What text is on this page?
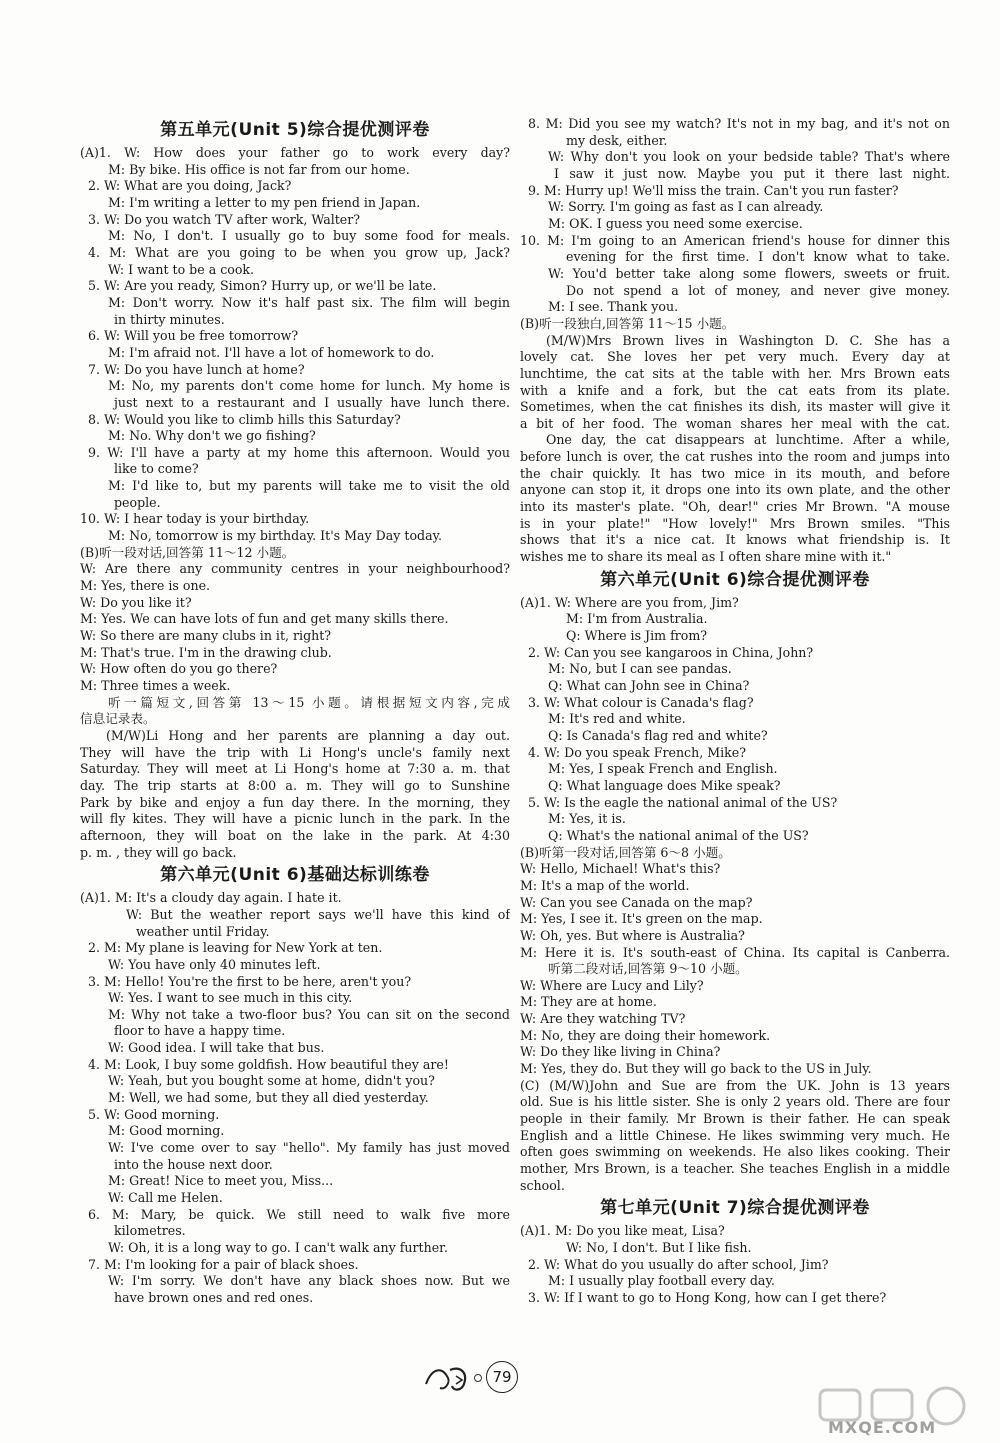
第五单元(Unit 5)综合提优测评卷
(A)1. W: How does your father go to work every day?
M: By bike. His office is not far from our home.
2. W: What are you doing, Jack?
M: I'm writing a letter to my pen friend in Japan.
3. W: Do you watch TV after work, Walter?
M: No, I don't. I usually go to buy some food for meals.
4. M: What are you going to be when you grow up, Jack?
W: I want to be a cook.
5. W: Are you ready, Simon? Hurry up, or we'll be late.
M: Don't worry. Now it's half past six. The film will begin
in thirty minutes.
6. W: Will you be free tomorrow?
M: I'm afraid not. I'll have a lot of homework to do.
7. W: Do you have lunch at home?
M: No, my parents don't come home for lunch. My home is
just next to a restaurant and I usually have lunch there.
8. W: Would you like to climb hills this Saturday?
M: No. Why don't we go fishing?
9. W: I'll have a party at my home this afternoon. Would you
like to come?
M: I'd like to, but my parents will take me to visit the old
people.
10. W: I hear today is your birthday.
M: No, tomorrow is my birthday. It's May Day today.
(B)听一段对话,回答第 11～12 小题。
W: Are there any community centres in your neighbourhood?
M: Yes, there is one.
W: Do you like it?
M: Yes. We can have lots of fun and get many skills there.
W: So there are many clubs in it, right?
M: That's true. I'm in the drawing club.
W: How often do you go there?
M: Three times a week.
听一篇短文,回答第 13～15 小题。请根据短文内容,完成
信息记录表。
(M/W)Li Hong and her parents are planning a day out.
They will have the trip with Li Hong's uncle's family next
Saturday. They will meet at Li Hong's home at 7:30 a. m. that
day. The trip starts at 8:00 a. m. They will go to Sunshine
Park by bike and enjoy a fun day there. In the morning, they
will fly kites. They will have a picnic lunch in the park. In the
afternoon, they will boat on the lake in the park. At 4:30
p. m. , they will go back.
第六单元(Unit 6)基础达标训练卷
(A)1. M: It's a cloudy day again. I hate it.
W: But the weather report says we'll have this kind of
weather until Friday.
2. M: My plane is leaving for New York at ten.
W: You have only 40 minutes left.
3. M: Hello! You're the first to be here, aren't you?
W: Yes. I want to see much in this city.
M: Why not take a two-floor bus? You can sit on the second
floor to have a happy time.
W: Good idea. I will take that bus.
4. M: Look, I buy some goldfish. How beautiful they are!
W: Yeah, but you bought some at home, didn't you?
M: Well, we had some, but they all died yesterday.
5. W: Good morning.
M: Good morning.
W: I've come over to say "hello". My family has just moved
into the house next door.
M: Great! Nice to meet you, Miss...
W: Call me Helen.
6. M: Mary, be quick. We still need to walk five more
kilometres.
W: Oh, it is a long way to go. I can't walk any further.
7. M: I'm looking for a pair of black shoes.
W: I'm sorry. We don't have any black shoes now. But we
have brown ones and red ones.
8. M: Did you see my watch? It's not in my bag, and it's not on
my desk, either.
W: Why don't you look on your bedside table? That's where
I saw it just now. Maybe you put it there last night.
9. M: Hurry up! We'll miss the train. Can't you run faster?
W: Sorry. I'm going as fast as I can already.
M: OK. I guess you need some exercise.
10. M: I'm going to an American friend's house for dinner this
evening for the first time. I don't know what to take.
W: You'd better take along some flowers, sweets or fruit.
Do not spend a lot of money, and never give money.
M: I see. Thank you.
(B)听一段独白,回答第 11～15 小题。
(M/W)Mrs Brown lives in Washington D. C. She has a
lovely cat. She loves her pet very much. Every day at
lunchtime, the cat sits at the table with her. Mrs Brown eats
with a knife and a fork, but the cat eats from its plate.
Sometimes, when the cat finishes its dish, its master will give it
a bit of her food. The woman shares her meal with the cat.
One day, the cat disappears at lunchtime. After a while,
before lunch is over, the cat rushes into the room and jumps into
the chair quickly. It has two mice in its mouth, and before
anyone can stop it, it drops one into its own plate, and the other
into its master's plate. "Oh, dear!" cries Mr Brown. "A mouse
is in your plate!" "How lovely!" Mrs Brown smiles. "This
shows that it's a nice cat. It knows what friendship is. It
wishes me to share its meal as I often share mine with it."
第六单元(Unit 6)综合提优测评卷
(A)1. W: Where are you from, Jim?
M: I'm from Australia.
Q: Where is Jim from?
2. W: Can you see kangaroos in China, John?
M: No, but I can see pandas.
Q: What can John see in China?
3. W: What colour is Canada's flag?
M: It's red and white.
Q: Is Canada's flag red and white?
4. W: Do you speak French, Mike?
M: Yes, I speak French and English.
Q: What language does Mike speak?
5. W: Is the eagle the national animal of the US?
M: Yes, it is.
Q: What's the national animal of the US?
(B)听第一段对话,回答第 6～8 小题。
W: Hello, Michael! What's this?
M: It's a map of the world.
W: Can you see Canada on the map?
M: Yes, I see it. It's green on the map.
W: Oh, yes. But where is Australia?
M: Here it is. It's south-east of China. Its capital is Canberra.
听第二段对话,回答第 9～10 小题。
W: Where are Lucy and Lily?
M: They are at home.
W: Are they watching TV?
M: No, they are doing their homework.
W: Do they like living in China?
M: Yes, they do. But they will go back to the US in July.
(C) (M/W)John and Sue are from the UK. John is 13 years
old. Sue is his little sister. She is only 2 years old. There are four
people in their family. Mr Brown is their father. He can speak
English and a little Chinese. He likes swimming very much. He
often goes swimming on weekends. He also likes cooking. Their
mother, Mrs Brown, is a teacher. She teaches English in a middle
school.
第七单元(Unit 7)综合提优测评卷
(A)1. M: Do you like meat, Lisa?
W: No, I don't. But I like fish.
2. W: What do you usually do after school, Jim?
M: I usually play football every day.
3. W: If I want to go to Hong Kong, how can I get there?
79
MXQE.COM
